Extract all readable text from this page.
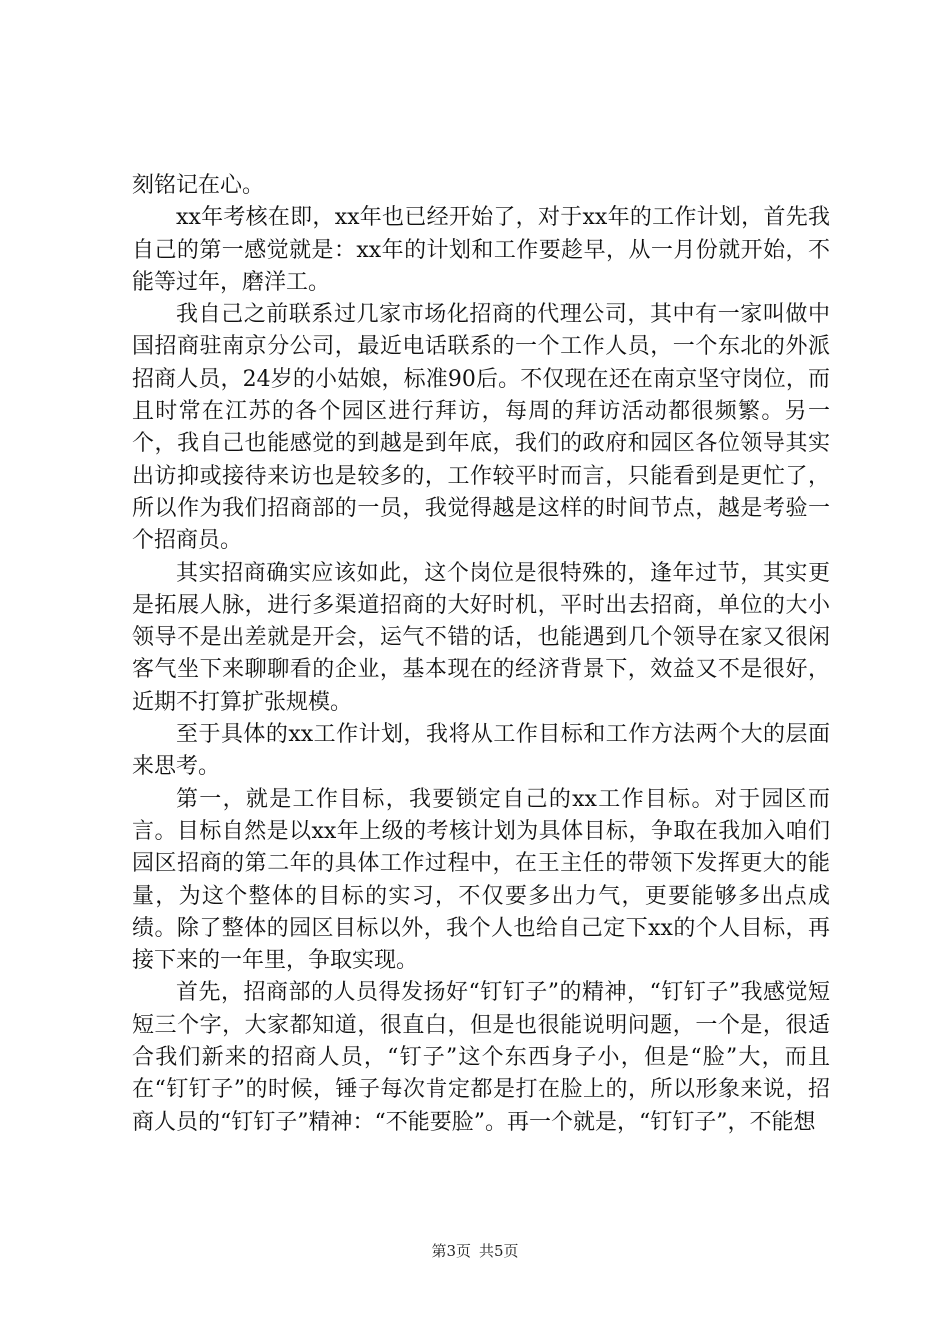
刻铭记在心。

xx年考核在即，xx年也已经开始了，对于xx年的工作计划，首先我自己的第一感觉就是：xx年的计划和工作要趁早，从一月份就开始，不能等过年，磨洋工。

我自己之前联系过几家市场化招商的代理公司，其中有一家叫做中国招商驻南京分公司，最近电话联系的一个工作人员，一个东北的外派招商人员，24岁的小姑娘，标准90后。不仅现在还在南京坚守岗位，而且时常在江苏的各个园区进行拜访，每周的拜访活动都很频繁。另一个，我自己也能感觉的到越是到年底，我们的政府和园区各位领导其实出访抑或接待来访也是较多的，工作较平时而言，只能看到是更忙了，所以作为我们招商部的一员，我觉得越是这样的时间节点，越是考验一个招商员。

其实招商确实应该如此，这个岗位是很特殊的，逢年过节，其实更是拓展人脉，进行多渠道招商的大好时机，平时出去招商，单位的大小领导不是出差就是开会，运气不错的话，也能遇到几个领导在家又很闲客气坐下来聊聊看的企业，基本现在的经济背景下，效益又不是很好，近期不打算扩张规模。

至于具体的xx工作计划，我将从工作目标和工作方法两个大的层面来思考。

第一，就是工作目标，我要锁定自己的xx工作目标。对于园区而言。目标自然是以xx年上级的考核计划为具体目标，争取在我加入咱们园区招商的第二年的具体工作过程中，在王主任的带领下发挥更大的能量，为这个整体的目标的实习，不仅要多出力气，更要能够多出点成绩。除了整体的园区目标以外，我个人也给自己定下xx的个人目标，再接下来的一年里，争取实现。

首先，招商部的人员得发扬好“钉钉子”的精神，“钉钉子”我感觉短短三个字，大家都知道，很直白，但是也很能说明问题，一个是，很适合我们新来的招商人员，“钉子”这个东西身子小，但是“脸”大，而且在“钉钉子”的时候，锤子每次肯定都是打在脸上的，所以形象来说，招商人员的“钉钉子”精神：“不能要脸”。再一个就是，“钉钉子”，不能想

第3页 共5页
